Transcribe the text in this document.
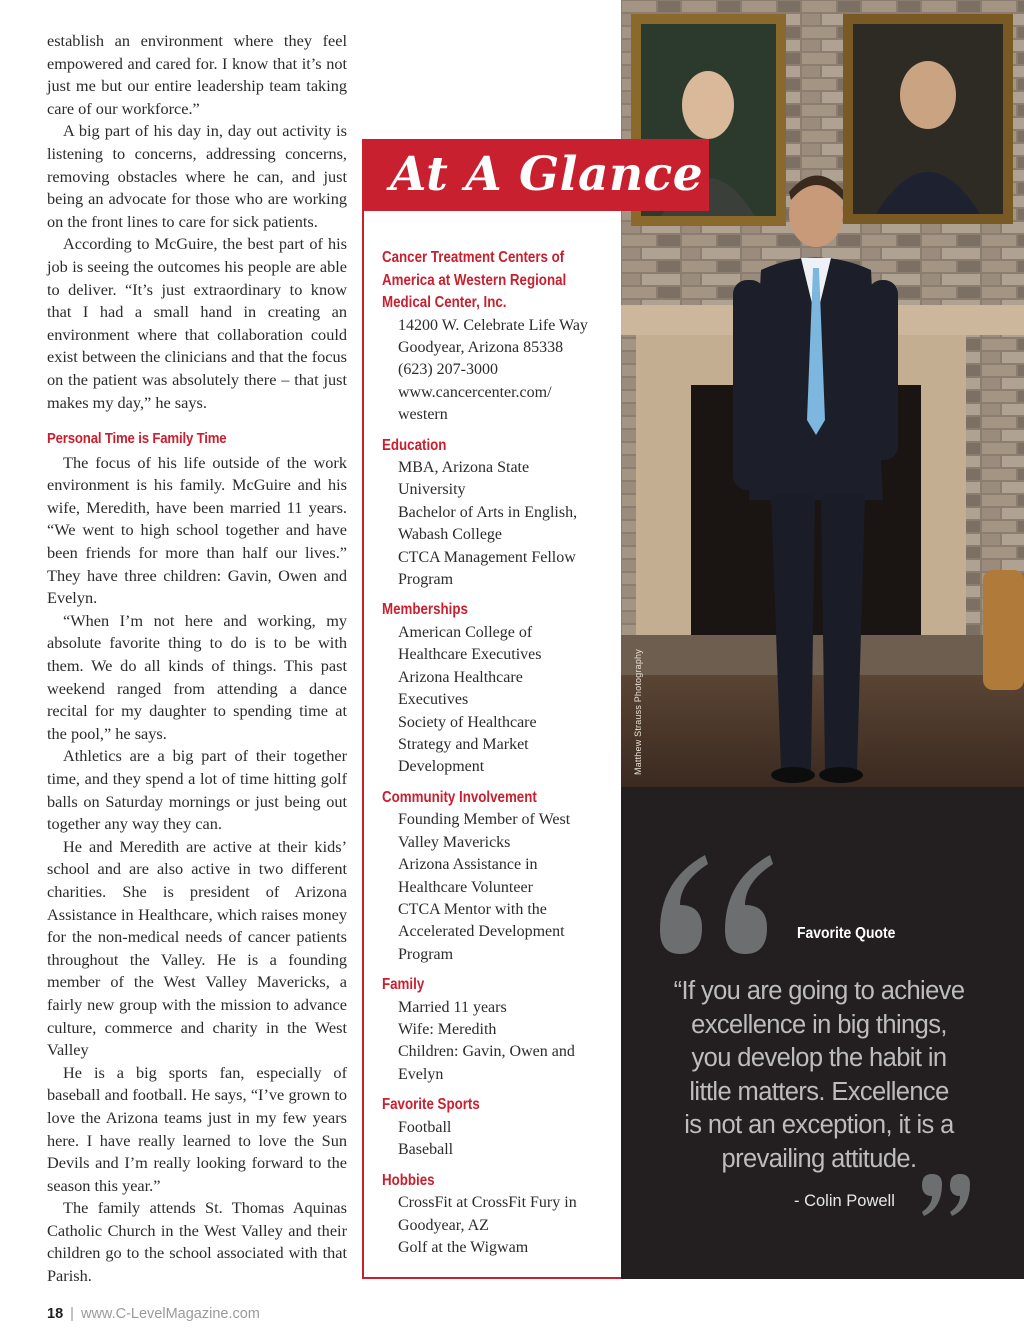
establish an environment where they feel empowered and cared for. I know that it’s not just me but our entire leadership team taking care of our workforce.”

A big part of his day in, day out activity is listening to concerns, addressing concerns, removing obstacles where he can, and just being an advocate for those who are working on the front lines to care for sick patients.

According to McGuire, the best part of his job is seeing the outcomes his people are able to deliver. “It’s just extraordinary to know that I had a small hand in creating an environment where that collaboration could exist between the clinicians and that the focus on the patient was absolutely there – that just makes my day,” he says.

Personal Time is Family Time

The focus of his life outside of the work environment is his family. McGuire and his wife, Meredith, have been married 11 years. “We went to high school together and have been friends for more than half our lives.” They have three children: Gavin, Owen and Evelyn.

“When I’m not here and working, my absolute favorite thing to do is to be with them. We do all kinds of things. This past weekend ranged from attending a dance recital for my daughter to spending time at the pool,” he says.

Athletics are a big part of their together time, and they spend a lot of time hitting golf balls on Saturday mornings or just being out together any way they can.

He and Meredith are active at their kids’ school and are also active in two different charities. She is president of Arizona Assistance in Healthcare, which raises money for the non-medical needs of cancer patients throughout the Valley. He is a founding member of the West Valley Mavericks, a fairly new group with the mission to advance culture, commerce and charity in the West Valley

He is a big sports fan, especially of baseball and football. He says, “I’ve grown to love the Arizona teams just in my few years here. I have really learned to love the Sun Devils and I’m really looking forward to the season this year.”

The family attends St. Thomas Aquinas Catholic Church in the West Valley and their children go to the school associated with that Parish.

Matthew Strauss Photography
At A Glance
Cancer Treatment Centers of
America at Western Regional
Medical Center, Inc.
14200 W. Celebrate Life Way
Goodyear, Arizona 85338
(623) 207-3000
www.cancercenter.com/
western
Education
MBA, Arizona State
University
Bachelor of Arts in English,
Wabash College
CTCA Management Fellow
Program
Memberships
American College of
Healthcare Executives
Arizona Healthcare
Executives
Society of Healthcare
Strategy and Market
Development
Community Involvement
Founding Member of West
Valley Mavericks
Arizona Assistance in
Healthcare Volunteer
CTCA Mentor with the
Accelerated Development
Program
Family
Married 11 years
Wife: Meredith
Children: Gavin, Owen and
Evelyn
Favorite Sports
Football
Baseball
Hobbies
CrossFit at CrossFit Fury in
Goodyear, AZ
Golf at the Wigwam
Favorite Quote
“If you are going to achieve
excellence in big things,
you develop the habit in
little matters. Excellence
is not an exception, it is a
prevailing attitude.
- Colin Powell
18 | www.C-LevelMagazine.com
